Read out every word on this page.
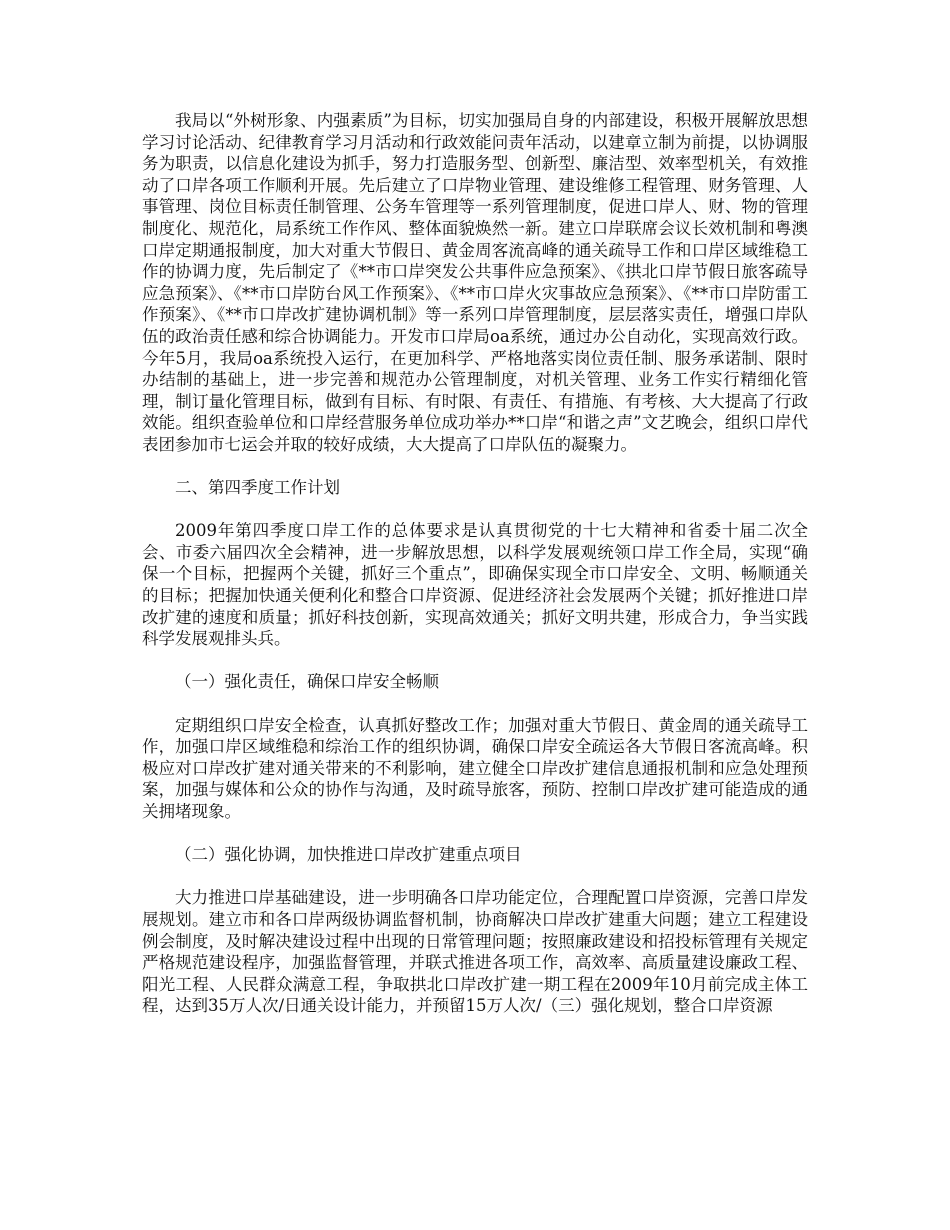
我局以“外树形象、内强素质”为目标，切实加强局自身的内部建设，积极开展解放思想学习讨论活动、纪律教育学习月活动和行政效能问责年活动，以建章立制为前提，以协调服务为职责，以信息化建设为抓手，努力打造服务型、创新型、廉洁型、效率型机关，有效推动了口岸各项工作顺利开展。先后建立了口岸物业管理、建设维修工程管理、财务管理、人事管理、岗位目标责任制管理、公务车管理等一系列管理制度，促进口岸人、财、物的管理制度化、规范化，局系统工作作风、整体面貌焕然一新。建立口岸联席会议长效机制和粤澳口岸定期通报制度，加大对重大节假日、黄金周客流高峰的通关疏导工作和口岸区域维稳工作的协调力度，先后制定了《**市口岸突发公共事件应急预案》、《拱北口岸节假日旅客疏导应急预案》、《**市口岸防台风工作预案》、《**市口岸火灾事故应急预案》、《**市口岸防雷工作预案》、《**市口岸改扩建协调机制》等一系列口岸管理制度，层层落实责任，增强口岸队伍的政治责任感和综合协调能力。开发市口岸局oa系统，通过办公自动化，实现高效行政。今年5月，我局oa系统投入运行，在更加科学、严格地落实岗位责任制、服务承诺制、限时办结制的基础上，进一步完善和规范办公管理制度，对机关管理、业务工作实行精细化管理，制订量化管理目标，做到有目标、有时限、有责任、有措施、有考核、大大提高了行政效能。组织查验单位和口岸经营服务单位成功举办**口岸“和谐之声”文艺晚会，组织口岸代表团参加市七运会并取的较好成绩，大大提高了口岸队伍的凝聚力。

二、第四季度工作计划

2009年第四季度口岸工作的总体要求是认真贯彻党的十七大精神和省委十届二次全会、市委六届四次全会精神，进一步解放思想，以科学发展观统领口岸工作全局，实现“确保一个目标，把握两个关键，抓好三个重点”，即确保实现全市口岸安全、文明、畅顺通关的目标；把握加快通关便利化和整合口岸资源、促进经济社会发展两个关键；抓好推进口岸改扩建的速度和质量；抓好科技创新，实现高效通关；抓好文明共建，形成合力，争当实践科学发展观排头兵。

（一）强化责任，确保口岸安全畅顺

定期组织口岸安全检查，认真抓好整改工作；加强对重大节假日、黄金周的通关疏导工作，加强口岸区域维稳和综治工作的组织协调，确保口岸安全疏运各大节假日客流高峰。积极应对口岸改扩建对通关带来的不利影响，建立健全口岸改扩建信息通报机制和应急处理预案，加强与媒体和公众的协作与沟通，及时疏导旅客，预防、控制口岸改扩建可能造成的通关拥堵现象。

（二）强化协调，加快推进口岸改扩建重点项目

大力推进口岸基础建设，进一步明确各口岸功能定位，合理配置口岸资源，完善口岸发展规划。建立市和各口岸两级协调监督机制，协商解决口岸改扩建重大问题；建立工程建设例会制度，及时解决建设过程中出现的日常管理问题；按照廉政建设和招投标管理有关规定严格规范建设程序，加强监督管理，并联式推进各项工作，高效率、高质量建设廉政工程、阳光工程、人民群众满意工程，争取拱北口岸改扩建一期工程在2009年10月前完成主体工程，达到35万人次/日通关设计能力，并预留15万人次/（三）强化规划，整合口岸资源
